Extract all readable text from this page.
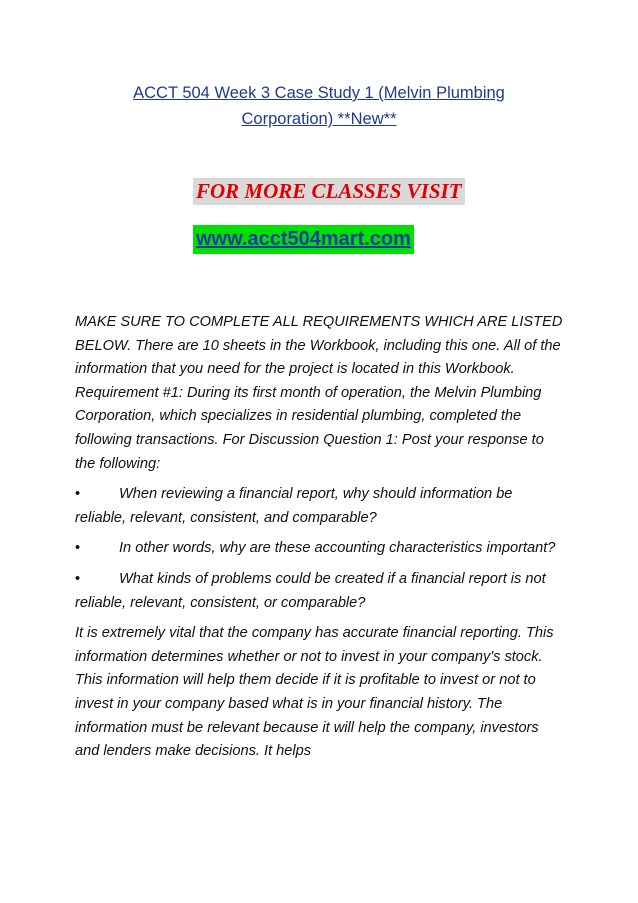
ACCT 504 Week 3 Case Study 1 (Melvin Plumbing
Corporation) **New**
FOR MORE CLASSES VISIT
www.acct504mart.com

MAKE SURE TO COMPLETE ALL REQUIREMENTS WHICH ARE LISTED BELOW. There are 10 sheets in the Workbook, including this one. All of the information that you need for the project is located in this Workbook. Requirement #1: During its first month of operation, the Melvin Plumbing Corporation, which specializes in residential plumbing, completed the following transactions. For Discussion Question 1: Post your response to the following:

•	When reviewing a financial report, why should information be reliable, relevant, consistent, and comparable?

•	In other words, why are these accounting characteristics important?

•	What kinds of problems could be created if a financial report is not reliable, relevant, consistent, or comparable?

It is extremely vital that the company has accurate financial reporting. This information determines whether or not to invest in your company's stock. This information will help them decide if it is profitable to invest or not to invest in your company based what is in your financial history. The information must be relevant because it will help the company, investors and lenders make decisions. It helps
